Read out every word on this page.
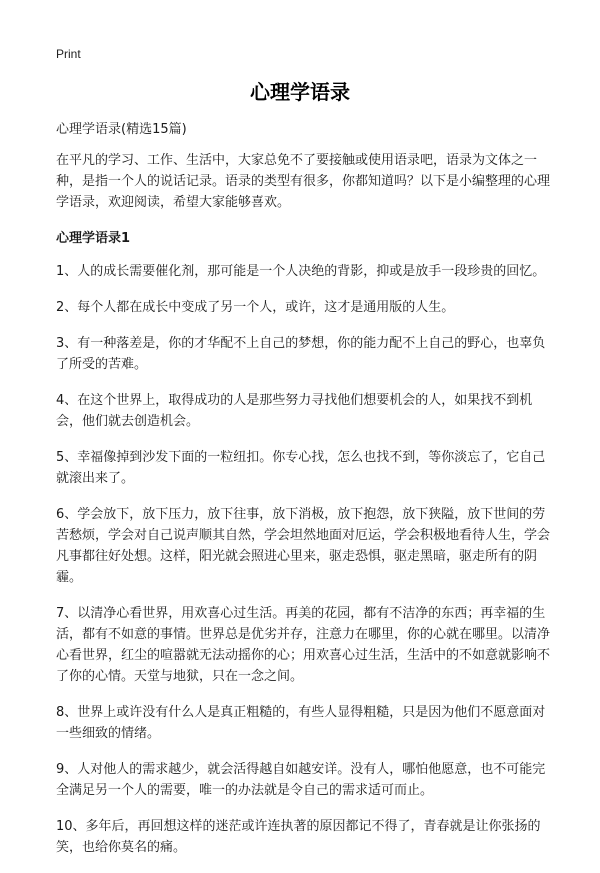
Print
心理学语录

心理学语录(精选15篇)

在平凡的学习、工作、生活中，大家总免不了要接触或使用语录吧，语录为文体之一种，是指一个人的说话记录。语录的类型有很多，你都知道吗？以下是小编整理的心理学语录，欢迎阅读，希望大家能够喜欢。

心理学语录1

1、人的成长需要催化剂，那可能是一个人决绝的背影，抑或是放手一段珍贵的回忆。

2、每个人都在成长中变成了另一个人，或许，这才是通用版的人生。

3、有一种落差是，你的才华配不上自己的梦想，你的能力配不上自己的野心，也辜负了所受的苦难。

4、在这个世界上，取得成功的人是那些努力寻找他们想要机会的人，如果找不到机会，他们就去创造机会。

5、幸福像掉到沙发下面的一粒纽扣。你专心找，怎么也找不到，等你淡忘了，它自己就滚出来了。

6、学会放下，放下压力，放下往事，放下消极，放下抱怨，放下狭隘，放下世间的劳苦愁烦，学会对自己说声顺其自然，学会坦然地面对厄运，学会积极地看待人生，学会凡事都往好处想。这样，阳光就会照进心里来，驱走恐惧，驱走黑暗，驱走所有的阴霾。

7、以清净心看世界，用欢喜心过生活。再美的花园，都有不洁净的东西；再幸福的生活，都有不如意的事情。世界总是优劣并存，注意力在哪里，你的心就在哪里。以清净心看世界，红尘的喧嚣就无法动摇你的心；用欢喜心过生活，生活中的不如意就影响不了你的心情。天堂与地狱，只在一念之间。

8、世界上或许没有什么人是真正粗糙的，有些人显得粗糙，只是因为他们不愿意面对一些细致的情绪。

9、人对他人的需求越少，就会活得越自如越安详。没有人，哪怕他愿意，也不可能完全满足另一个人的需要，唯一的办法就是令自己的需求适可而止。

10、多年后，再回想这样的迷茫或许连执著的原因都记不得了，青春就是让你张扬的笑，也给你莫名的痛。
